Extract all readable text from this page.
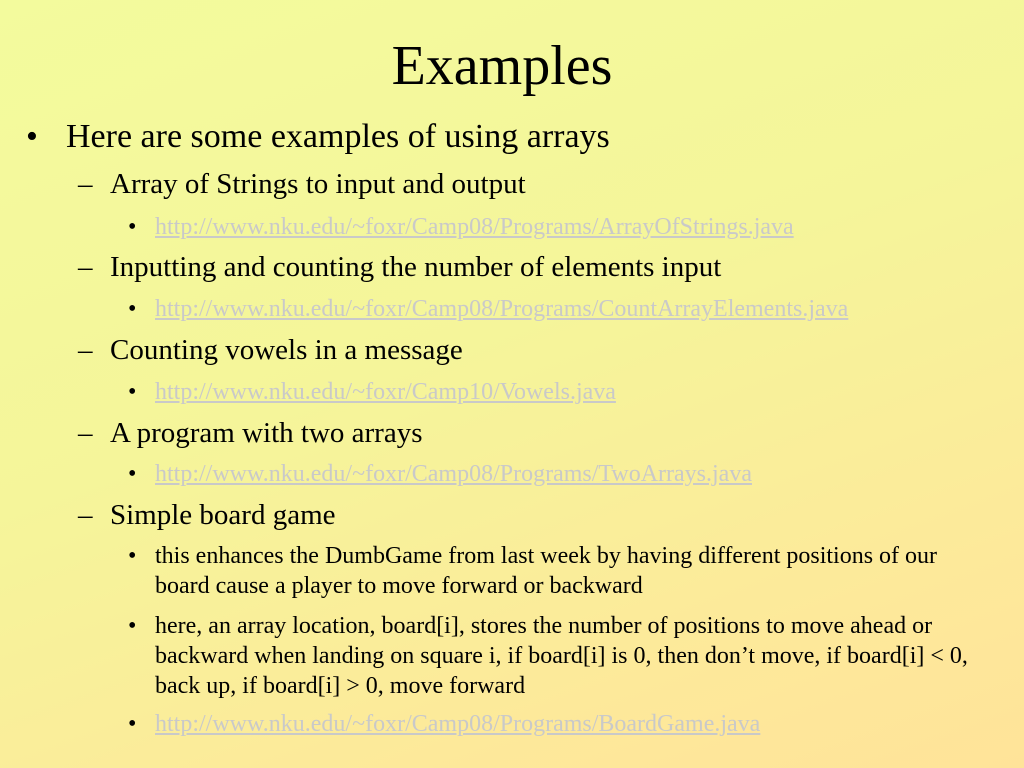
Examples
• Here are some examples of using arrays
– Array of Strings to input and output
• http://www.nku.edu/~foxr/Camp08/Programs/ArrayOfStrings.java
– Inputting and counting the number of elements input
• http://www.nku.edu/~foxr/Camp08/Programs/CountArrayElements.java
– Counting vowels in a message
• http://www.nku.edu/~foxr/Camp10/Vowels.java
– A program with two arrays
• http://www.nku.edu/~foxr/Camp08/Programs/TwoArrays.java
– Simple board game
• this enhances the DumbGame from last week by having different positions of our board cause a player to move forward or backward
• here, an array location, board[i], stores the number of positions to move ahead or backward when landing on square i, if board[i] is 0, then don’t move, if board[i] < 0, back up, if board[i] > 0, move forward
• http://www.nku.edu/~foxr/Camp08/Programs/BoardGame.java
